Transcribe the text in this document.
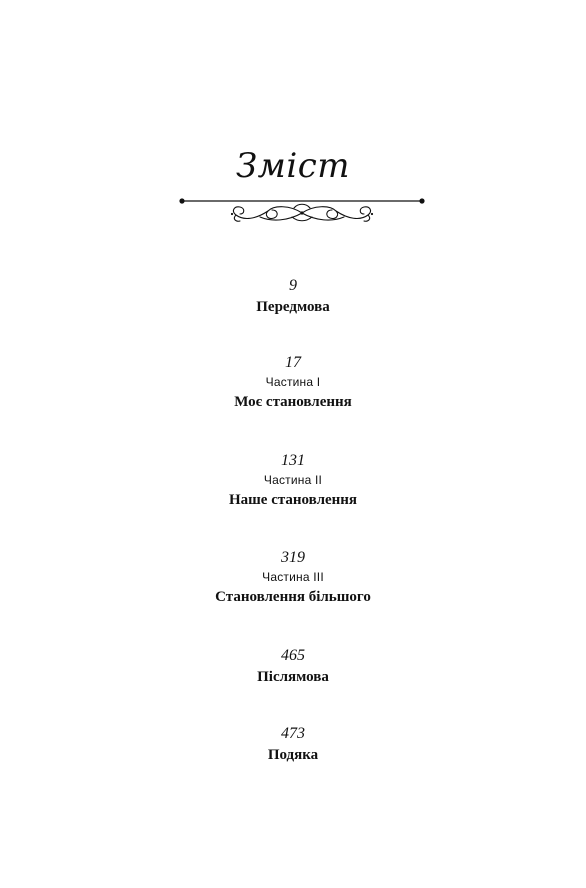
Зміст
9
Передмова
17
Частина І
Моє становлення
131
Частина ІІ
Наше становлення
319
Частина ІІІ
Становлення більшого
465
Післямова
473
Подяка
